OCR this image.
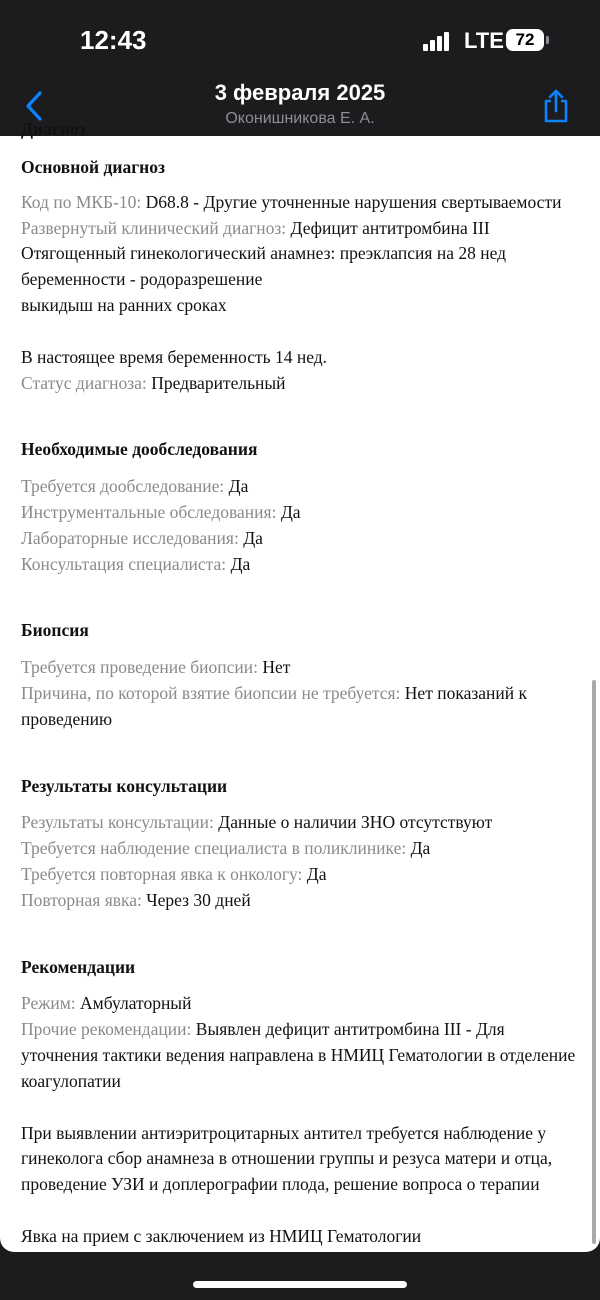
12:43	LTE 72
3 февраля 2025
Оконишникова Е. А.
Диагноз
Основной диагноз
Код по МКБ-10: D68.8 - Другие уточненные нарушения свертываемости
Развернутый клинический диагноз: Дефицит антитромбина III
Отягощенный гинекологический анамнез: преэклапсия на 28 нед беременности - родоразрешение
выкидыш на ранних сроках
В настоящее время беременность 14 нед.
Статус диагноза: Предварительный
Необходимые дообследования
Требуется дообследование: Да
Инструментальные обследования: Да
Лабораторные исследования: Да
Консультация специалиста: Да
Биопсия
Требуется проведение биопсии: Нет
Причина, по которой взятие биопсии не требуется: Нет показаний к проведению
Результаты консультации
Результаты консультации: Данные о наличии ЗНО отсутствуют
Требуется наблюдение специалиста в поликлинике: Да
Требуется повторная явка к онкологу: Да
Повторная явка: Через 30 дней
Рекомендации
Режим: Амбулаторный
Прочие рекомендации: Выявлен дефицит антитромбина III - Для уточнения тактики ведения направлена в НМИЦ Гематологии в отделение коагулопатии
При выявлении антиэритроцитарных антител требуется наблюдение у гинеколога сбор анамнеза в отношении группы и резуса матери и отца, проведение УЗИ и доплерографии плода, решение вопроса о терапии
Явка на прием с заключением из НМИЦ Гематологии
